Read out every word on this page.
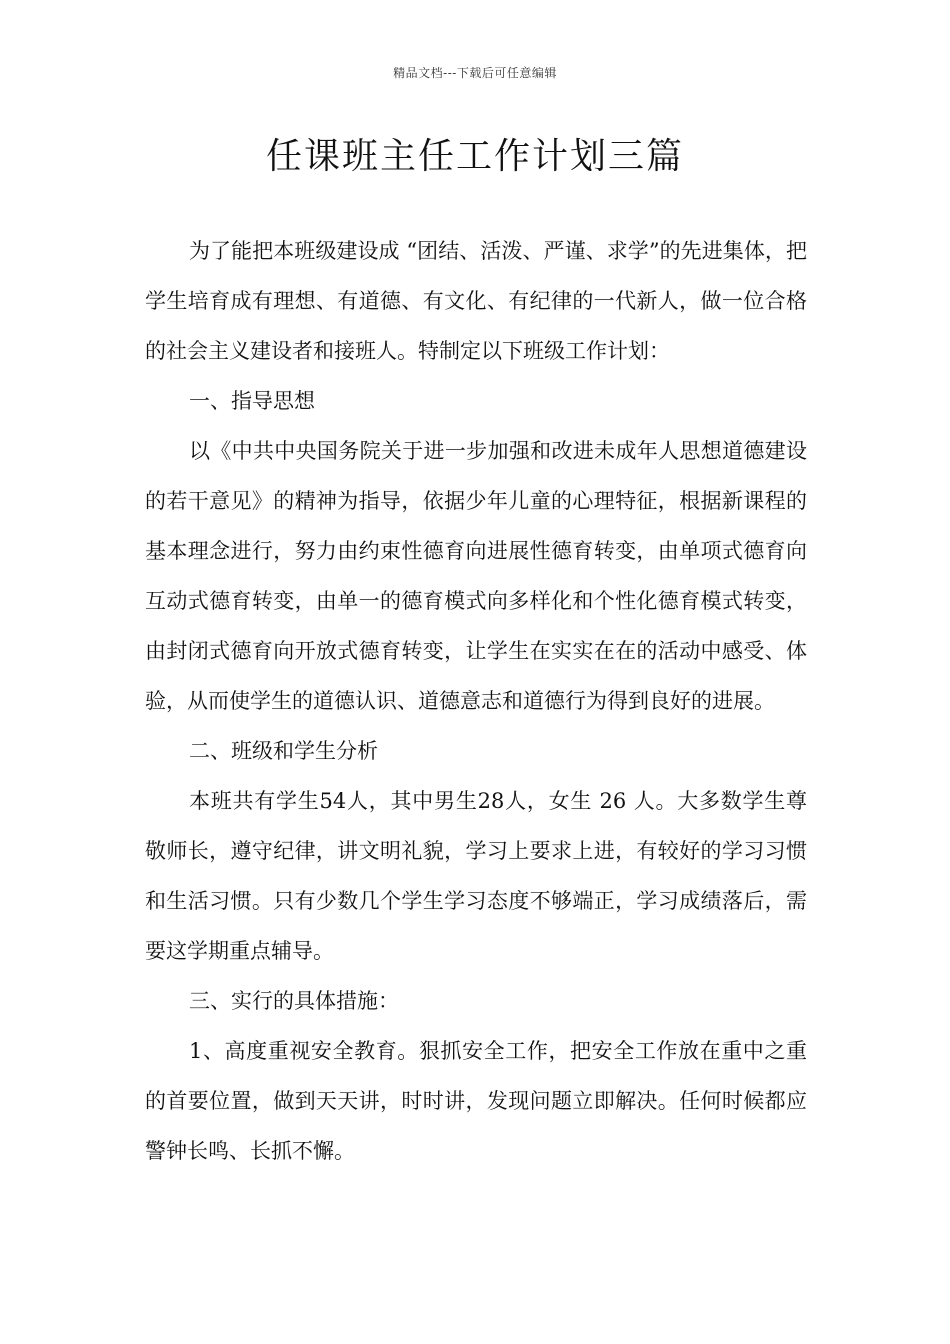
精品文档---下载后可任意编辑
任课班主任工作计划三篇

为了能把本班级建设成 “团结、活泼、严谨、求学”的先进集体，把学生培育成有理想、有道德、有文化、有纪律的一代新人，做一位合格的社会主义建设者和接班人。特制定以下班级工作计划：

一、指导思想

以《中共中央国务院关于进一步加强和改进未成年人思想道德建设的若干意见》的精神为指导，依据少年儿童的心理特征，根据新课程的基本理念进行，努力由约束性德育向进展性德育转变，由单项式德育向互动式德育转变，由单一的德育模式向多样化和个性化德育模式转变，由封闭式德育向开放式德育转变，让学生在实实在在的活动中感受、体验，从而使学生的道德认识、道德意志和道德行为得到良好的进展。

二、班级和学生分析

本班共有学生54人，其中男生28人，女生 26 人。大多数学生尊敬师长，遵守纪律，讲文明礼貌，学习上要求上进，有较好的学习习惯和生活习惯。只有少数几个学生学习态度不够端正，学习成绩落后，需要这学期重点辅导。

三、实行的具体措施：

1、高度重视安全教育。狠抓安全工作，把安全工作放在重中之重的首要位置，做到天天讲，时时讲，发现问题立即解决。任何时候都应警钟长鸣、长抓不懈。
